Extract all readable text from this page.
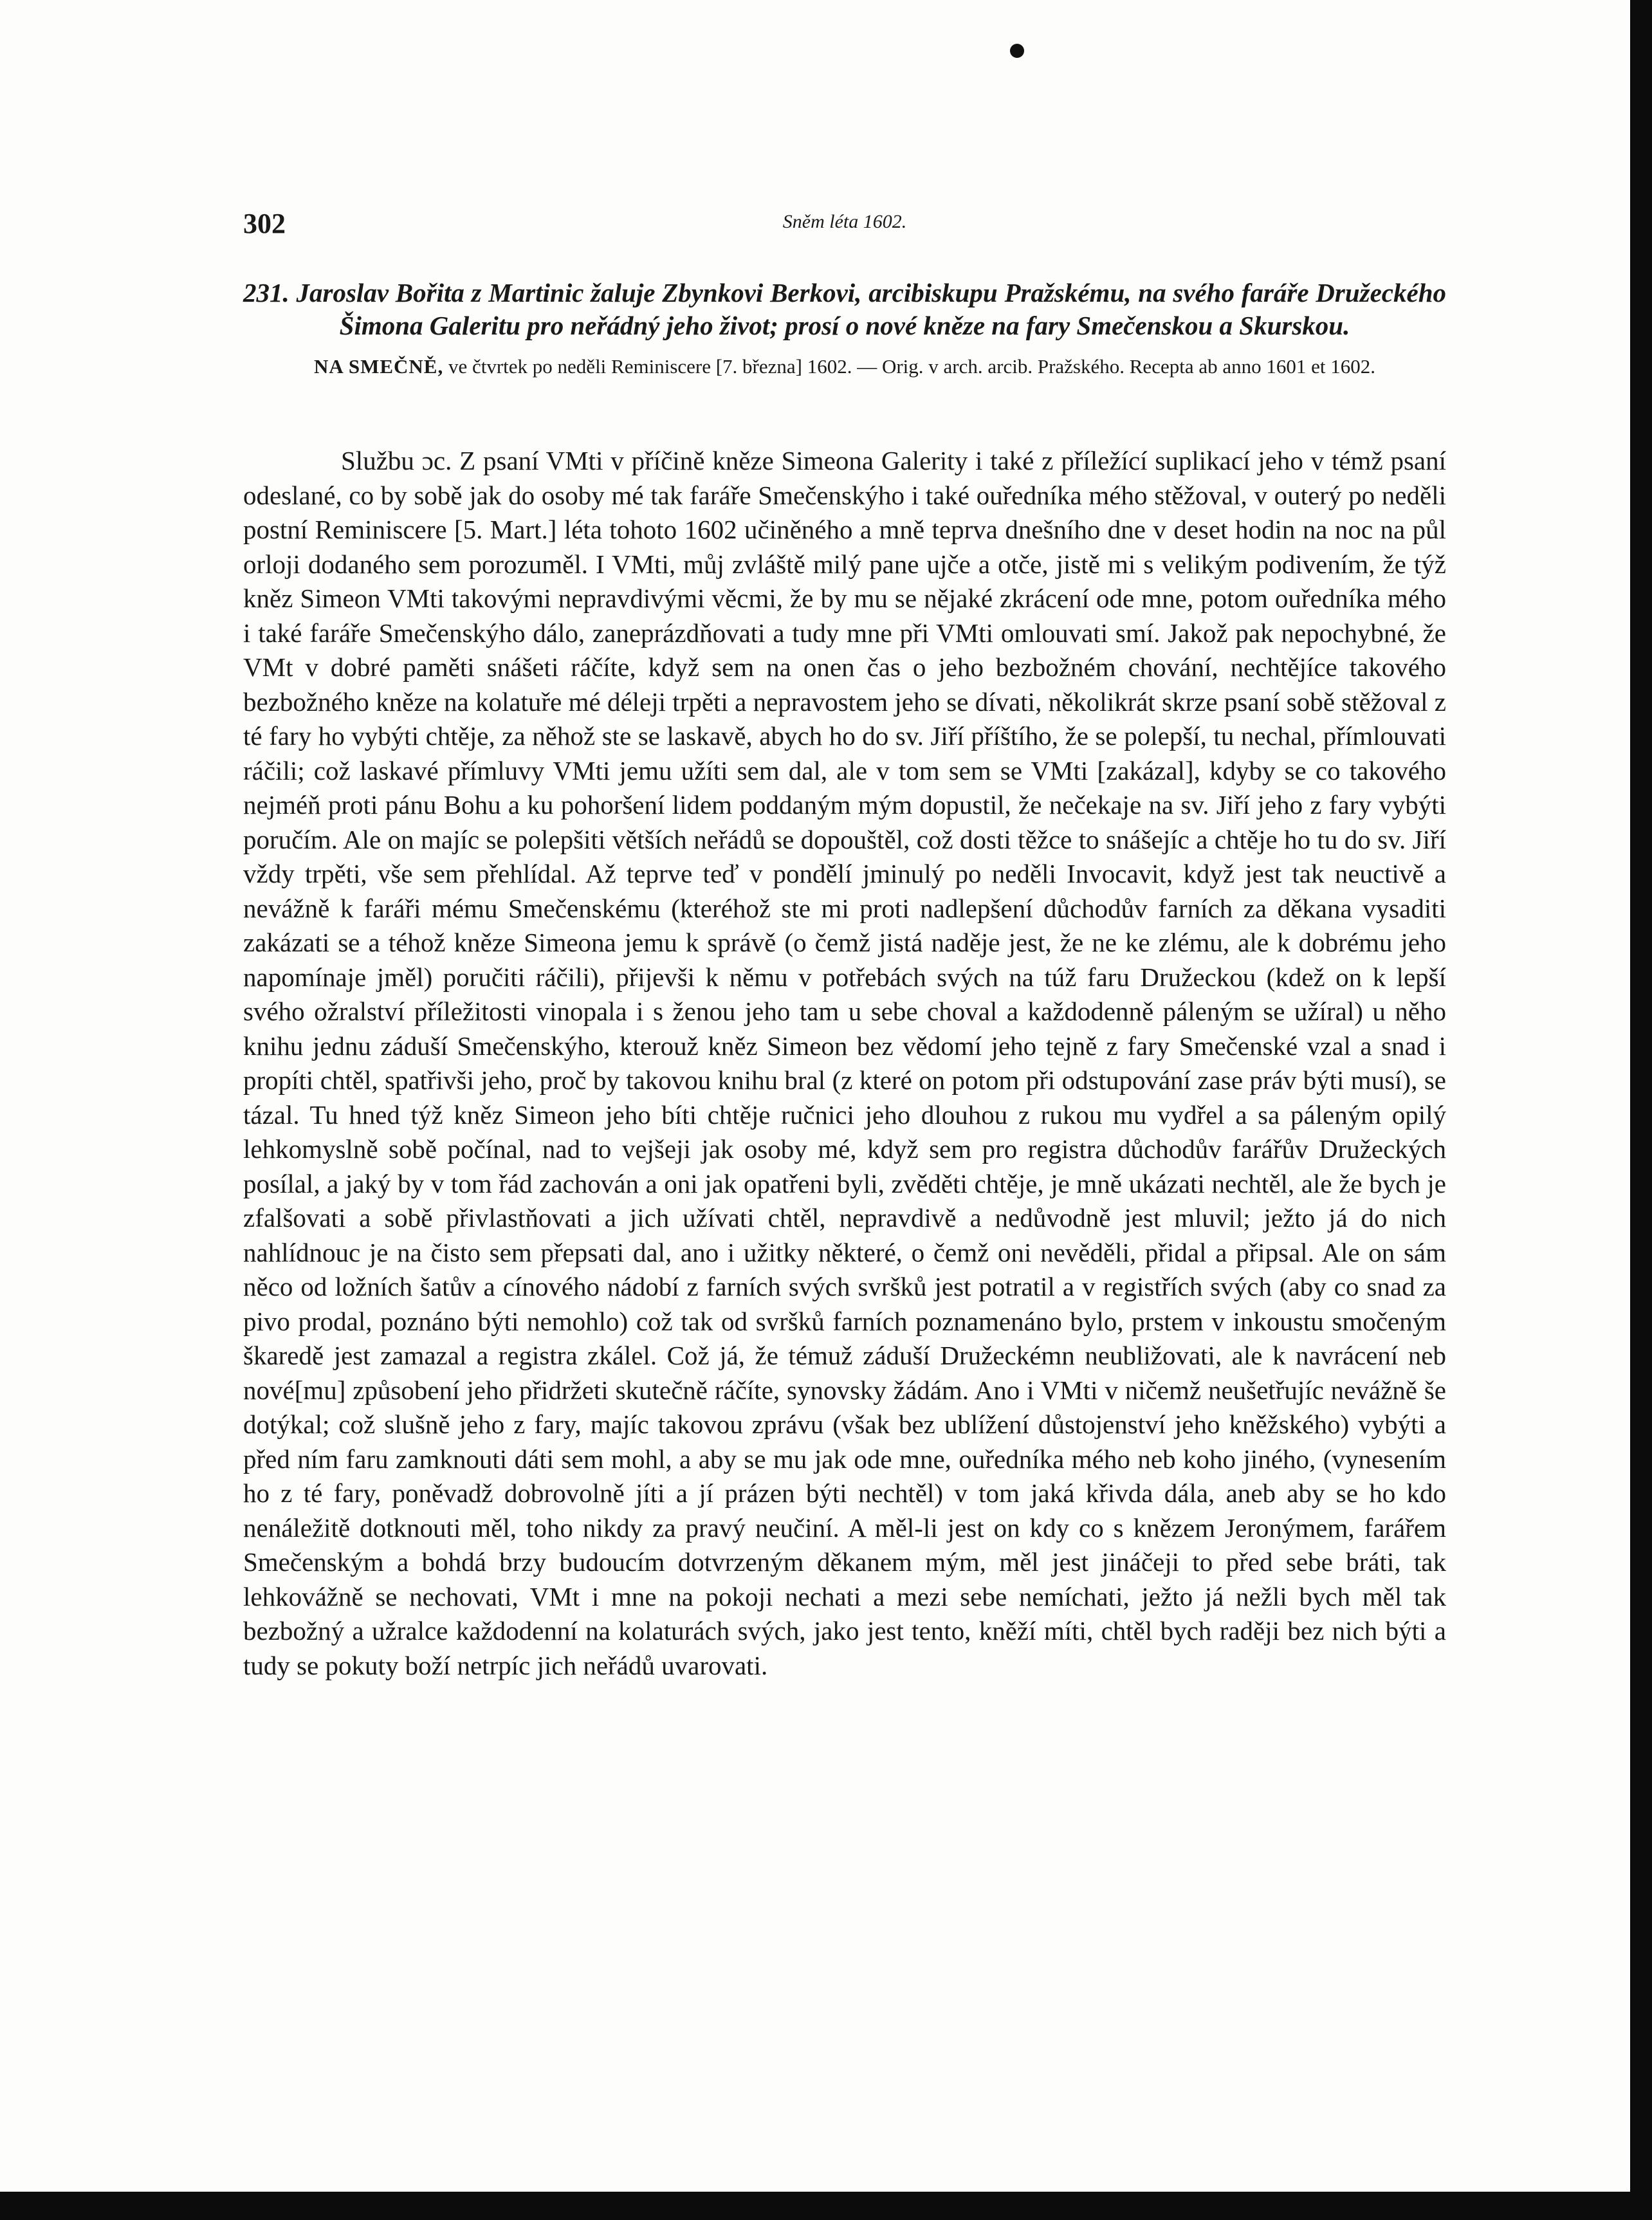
302	Sněm léta 1602.

231. Jaroslav Bořita z Martinic žaluje Zbynkovi Berkovi, arcibiskupu Pražskému, na svého faráře Družeckého Šimona Galeritu pro neřádný jeho život; prosí o nové kněze na fary Smečenskou a Skurskou.

NA SMEČNĚ, ve čtvrtek po neděli Reminiscere [7. března] 1602. — Orig. v arch. arcib. Pražského. Recepta ab anno 1601 et 1602.

Službu ɔc. Z psaní VMti v příčině kněze Simeona Galerity i také z příležící suplikací jeho v témž psaní odeslané, co by sobě jak do osoby mé tak faráře Smečenskýho i také ouředníka mého stěžoval, v outerý po neděli postní Reminiscere [5. Mart.] léta tohoto 1602 učiněného a mně teprva dnešního dne v deset hodin na noc na půl orloji dodaného sem porozuměl. I VMti, můj zvláště milý pane ujče a otče, jistě mi s velikým podivením, že týž kněz Simeon VMti takovými nepravdivými věcmi, že by mu se nějaké zkrácení ode mne, potom ouředníka mého i také faráře Smečenskýho dálo, zaneprázdňovati a tudy mne při VMti omlouvati smí. Jakož pak nepochybné, že VMt v dobré paměti snášeti ráčíte, když sem na onen čas o jeho bezbožném chování, nechtějíce takového bezbožného kněze na kolatuře mé déleji trpěti a nepravostem jeho se dívati, několikrát skrze psaní sobě stěžoval z té fary ho vybýti chtěje, za něhož ste se laskavě, abych ho do sv. Jiří příštího, že se polepší, tu nechal, přímlouvati ráčili; což laskavé přímluvy VMti jemu užíti sem dal, ale v tom sem se VMti [zakázal], kdyby se co takového nejméň proti pánu Bohu a ku pohoršení lidem poddaným mým dopustil, že nečekaje na sv. Jiří jeho z fary vybýti poručím. Ale on majíc se polepšiti větších neřádů se dopouštěl, což dosti těžce to snášejíc a chtěje ho tu do sv. Jiří vždy trpěti, vše sem přehlídal. Až teprve teď v pondělí jminulý po neděli Invocavit, když jest tak neuctivě a nevážně k faráři mému Smečenskému (kteréhož ste mi proti nadlepšení důchodův farních za děkana vysaditi zakázati se a téhož kněze Simeona jemu k správě (o čemž jistá naděje jest, že ne ke zlému, ale k dobrému jeho napomínaje jměl) poručiti ráčili), přijevši k němu v potřebách svých na túž faru Družeckou (kdež on k lepší svého ožralství příležitosti vinopala i s ženou jeho tam u sebe choval a každodenně páleným se užíral) u něho knihu jednu záduší Smečenskýho, kterouž kněz Simeon bez vědomí jeho tejně z fary Smečenské vzal a snad i propíti chtěl, spatřivši jeho, proč by takovou knihu bral (z které on potom při odstupování zase práv býti musí), se tázal. Tu hned týž kněz Simeon jeho bíti chtěje ručnici jeho dlouhou z rukou mu vydřel a sa páleným opilý lehkomyslně sobě počínal, nad to vejšeji jak osoby mé, když sem pro registra důchodův farářův Družeckých posílal, a jaký by v tom řád zachován a oni jak opatřeni byli, zvěděti chtěje, je mně ukázati nechtěl, ale že bych je zfalšovati a sobě přivlastňovati a jich užívati chtěl, nepravdivě a nedůvodně jest mluvil; ježto já do nich nahlídnouc je na čisto sem přepsati dal, ano i užitky některé, o čemž oni nevěděli, přidal a připsal. Ale on sám něco od ložních šatův a cínového nádobí z farních svých svršků jest potratil a v registřích svých (aby co snad za pivo prodal, poznáno býti nemohlo) což tak od svršků farních poznamenáno bylo, prstem v inkoustu smočeným škaredě jest zamazal a registra zkálel. Což já, že témuž záduší Družeckémn neubližovati, ale k navrácení neb nové[mu] způsobení jeho přidržeti skutečně ráčíte, synovsky žádám. Ano i VMti v ničemž neušetřujíc nevážně še dotýkal; což slušně jeho z fary, majíc takovou zprávu (však bez ublížení důstojenství jeho kněžského) vybýti a před ním faru zamknouti dáti sem mohl, a aby se mu jak ode mne, ouředníka mého neb koho jiného, (vynesením ho z té fary, poněvadž dobrovolně jíti a jí prázen býti nechtěl) v tom jaká křivda dála, aneb aby se ho kdo nenáležitě dotknouti měl, toho nikdy za pravý neučiní. A měl-li jest on kdy co s knězem Jeronýmem, farářem Smečenským a bohdá brzy budoucím dotvrzeným děkanem mým, měl jest jináčeji to před sebe bráti, tak lehkovážně se nechovati, VMt i mne na pokoji nechati a mezi sebe nemíchati, ježto já nežli bych měl tak bezbožný a užralce každodenní na kolaturách svých, jako jest tento, kněží míti, chtěl bych raději bez nich býti a tudy se pokuty boží netrpíc jich neřádů uvarovati.
